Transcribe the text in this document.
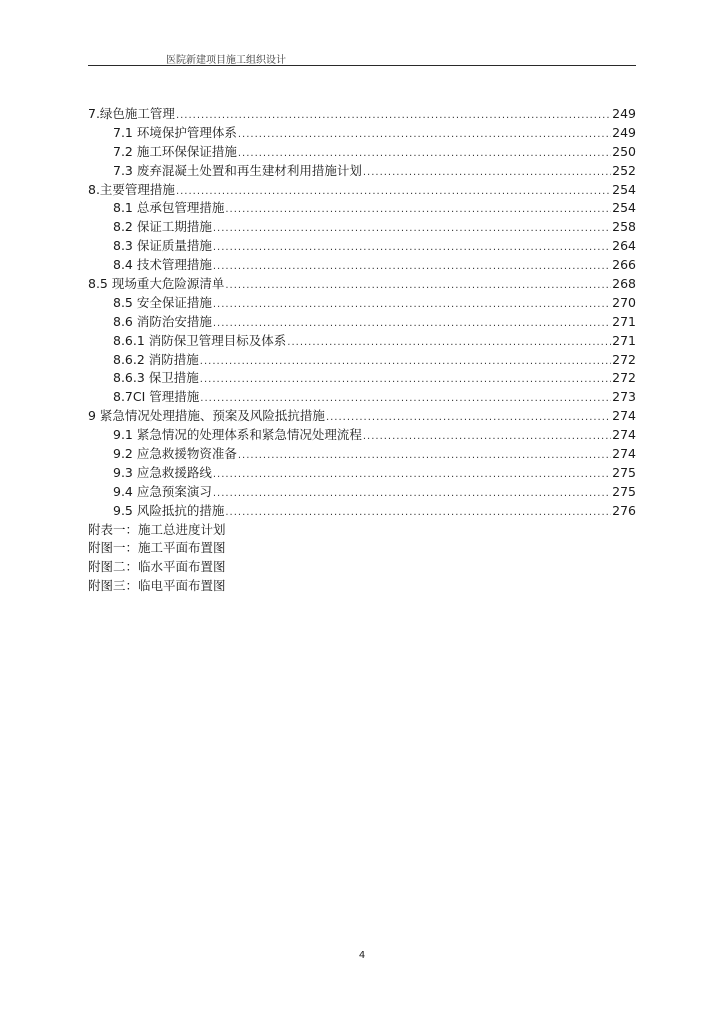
医院新建项目施工组织设计
7.绿色施工管理 .....	249
7.1 环境保护管理体系 .....	249
7.2 施工环保保证措施 .....	250
7.3 废弃混凝土处置和再生建材利用措施计划 .....	252
8.主要管理措施 .....	254
8.1 总承包管理措施 .....	254
8.2 保证工期措施 .....	258
8.3 保证质量措施 .....	264
8.4 技术管理措施 .....	266
8.5 现场重大危险源清单 .....	268
8.5 安全保证措施 .....	270
8.6 消防治安措施 .....	271
8.6.1 消防保卫管理目标及体系 .....	271
8.6.2 消防措施 .....	272
8.6.3 保卫措施 .....	272
8.7CI 管理措施 .....	273
9 紧急情况处理措施、预案及风险抵抗措施 .....	274
9.1 紧急情况的处理体系和紧急情况处理流程 .....	274
9.2 应急救援物资准备 .....	274
9.3 应急救援路线 .....	275
9.4 应急预案演习 .....	275
9.5 风险抵抗的措施 .....	276
附表一：施工总进度计划
附图一：施工平面布置图
附图二：临水平面布置图
附图三：临电平面布置图
4
